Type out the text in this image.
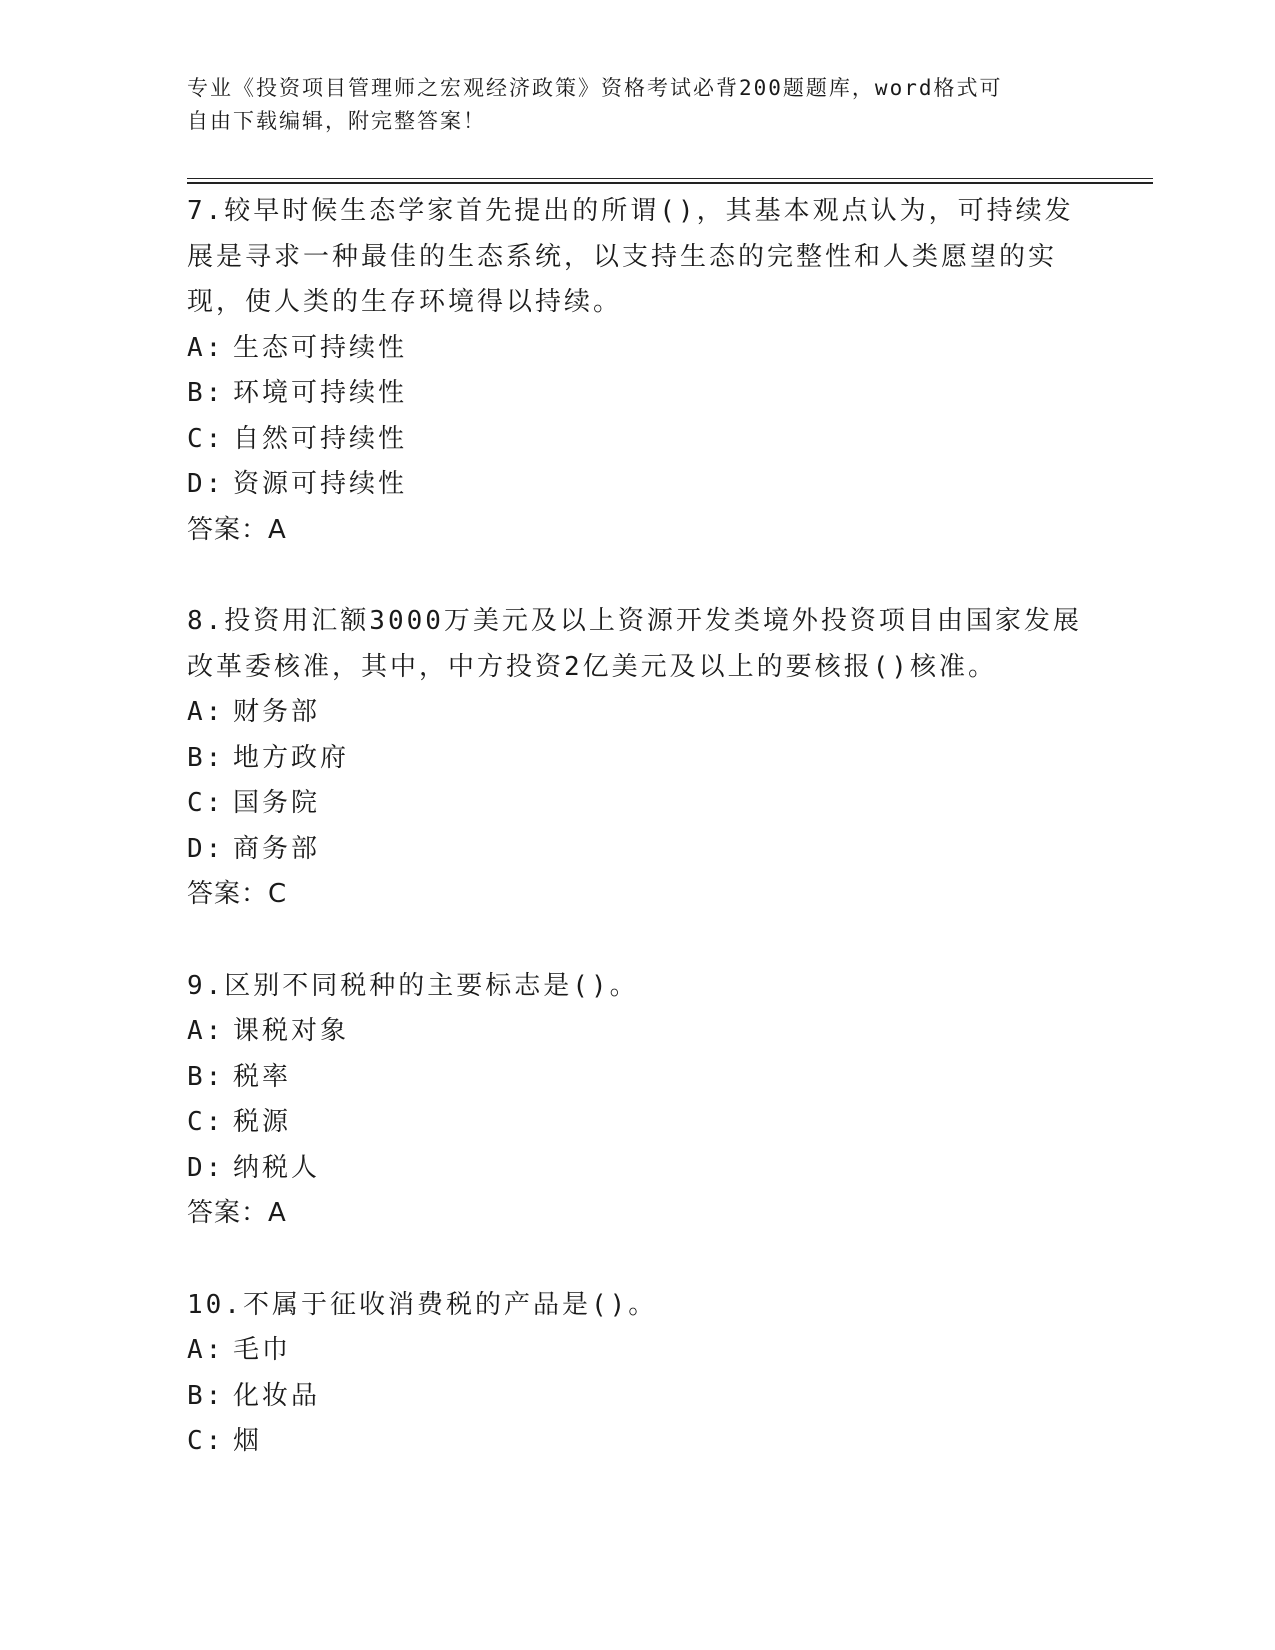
专业《投资项目管理师之宏观经济政策》资格考试必背200题题库，word格式可
自由下载编辑，附完整答案！

7.较早时候生态学家首先提出的所谓()，其基本观点认为，可持续发展是寻求一种最佳的生态系统，以支持生态的完整性和人类愿望的实现，使人类的生存环境得以持续。

A: 生态可持续性

B: 环境可持续性

C: 自然可持续性

D: 资源可持续性

答案：A

8.投资用汇额3000万美元及以上资源开发类境外投资项目由国家发展改革委核准，其中，中方投资2亿美元及以上的要核报()核准。

A: 财务部

B: 地方政府

C: 国务院

D: 商务部

答案：C

9.区别不同税种的主要标志是()。

A: 课税对象

B: 税率

C: 税源

D: 纳税人

答案：A

10.不属于征收消费税的产品是()。

A: 毛巾

B: 化妆品

C: 烟
